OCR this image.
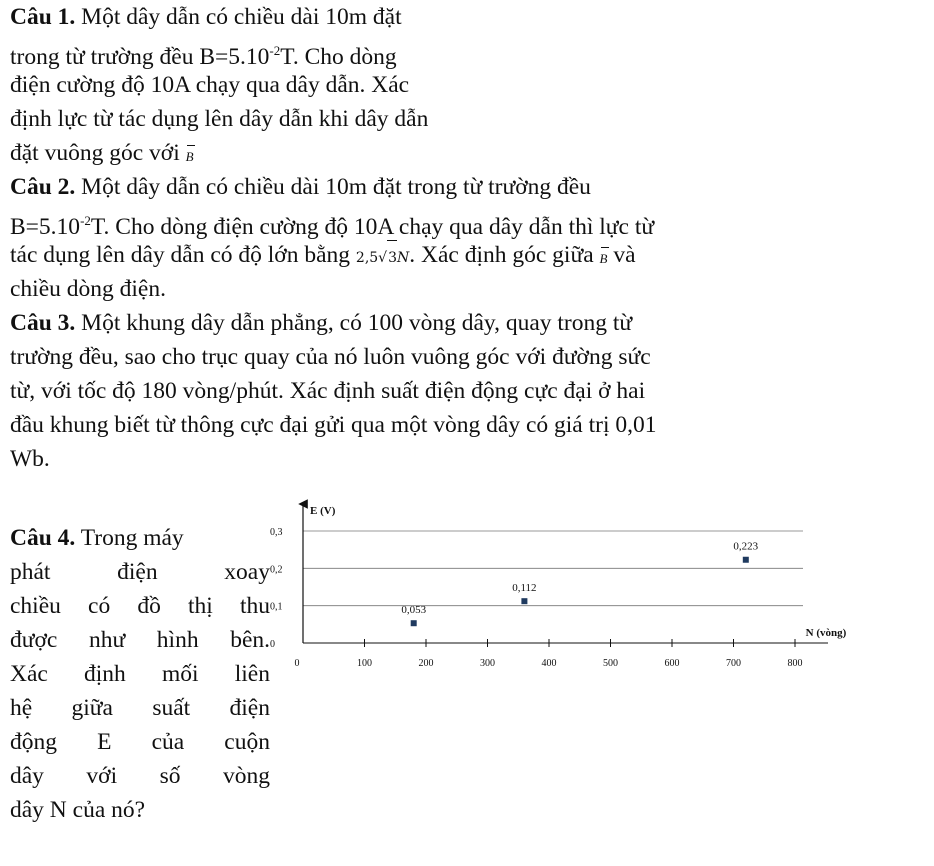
Câu 1. Một dây dẫn có chiều dài 10m đặt
trong từ trường đều $B=5.10^{-2}T$. Cho dòng
điện cường độ 10A chạy qua dây dẫn. Xác
định lực từ tác dụng lên dây dẫn khi dây dẫn
đặt vuông góc với B
Câu 2. Một dây dẫn có chiều dài 10m đặt trong từ trường đều
$B=5.10^{-2}T$. Cho dòng điện cường độ 10A chạy qua dây dẫn thì lực từ
tác dụng lên dây dẫn có độ lớn bằng 2,5√3N. Xác định góc giữa B và
chiều dòng điện.
Câu 3. Một khung dây dẫn phẳng, có 100 vòng dây, quay trong từ
trường đều, sao cho trục quay của nó luôn vuông góc với đường sức
từ, với tốc độ 180 vòng/phút. Xác định suất điện động cực đại ở hai
đầu khung biết từ thông cực đại gửi qua một vòng dây có giá trị 0,01
Wb.
Câu 4. Trong máy
phát điện xoay
chiều có đồ thị thu
được như hình bên.
Xác định mối liên
hệ giữa suất điện
động E của cuộn
dây với số vòng
dây N của nó?
E (V)
N (vòng)
0
0,1
0,2
0,3
0	100	200	300	400	500	600	700	800
0,053
0,112
0,223
